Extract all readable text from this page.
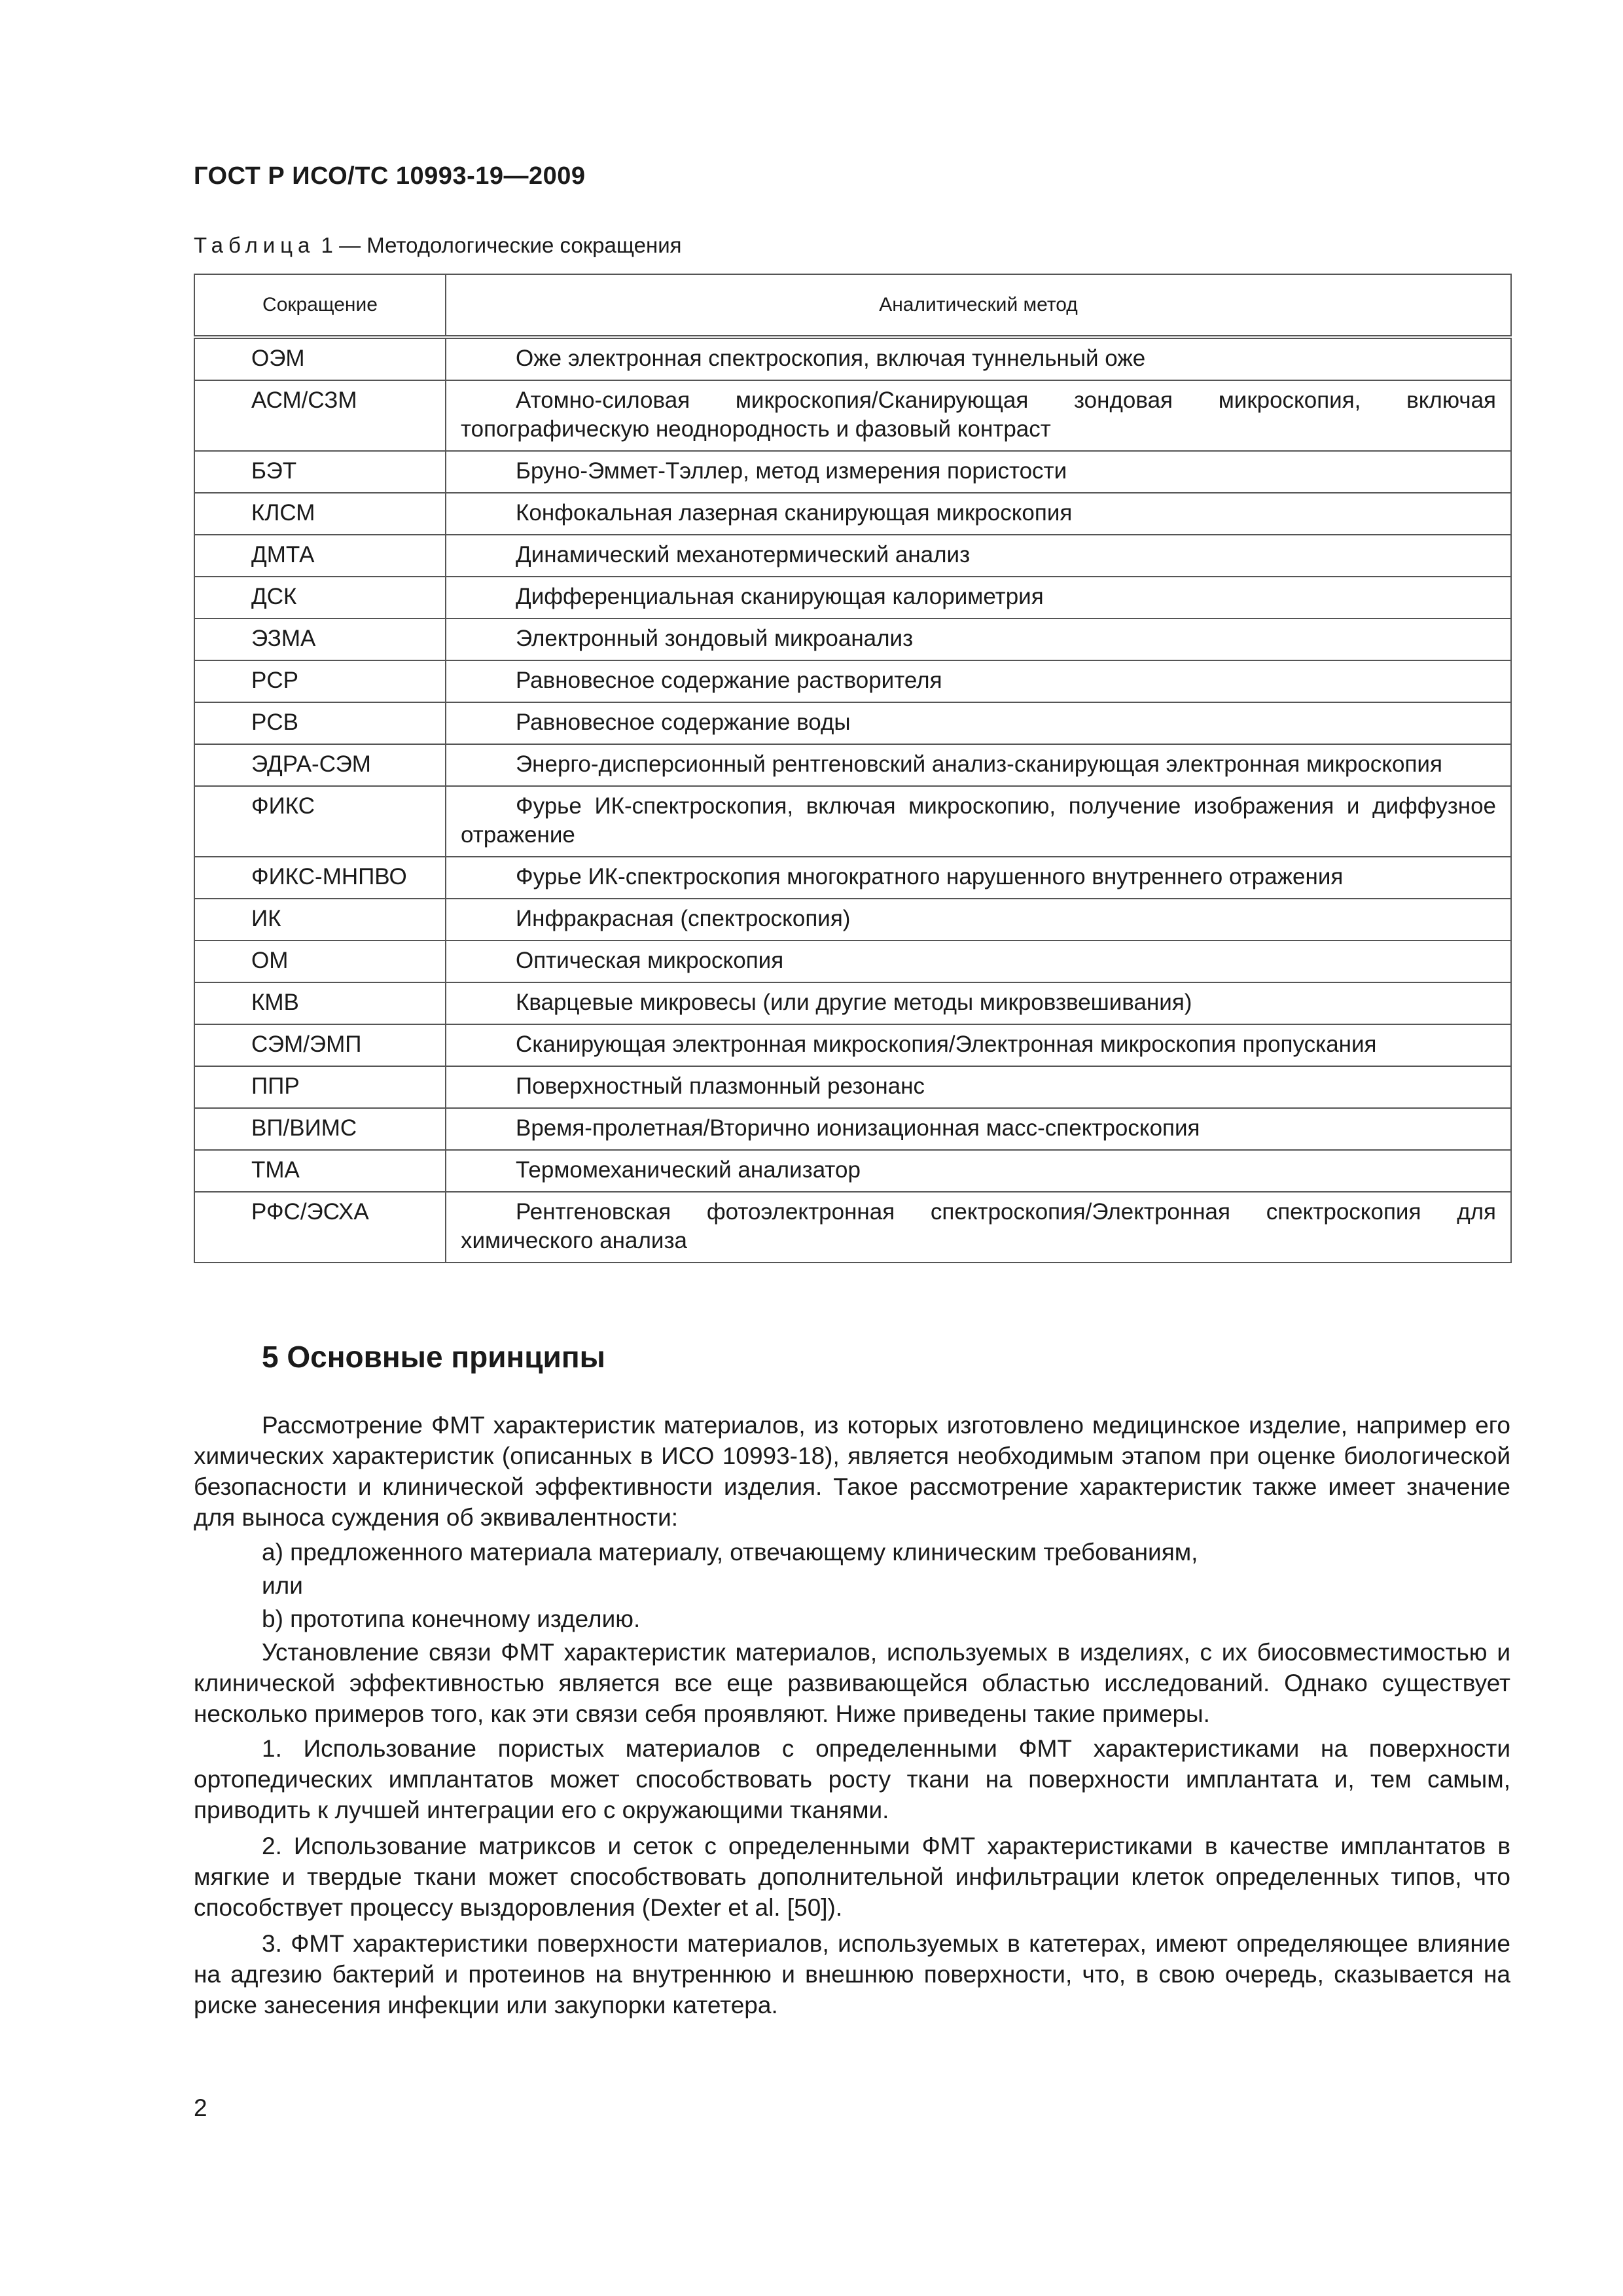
ГОСТ Р ИСО/ТС 10993-19—2009
Таблица 1 — Методологические сокращения
Сокращение	Аналитический метод
ОЭМ	Оже электронная спектроскопия, включая туннельный оже
АСМ/СЗМ	Атомно-силовая микроскопия/Сканирующая зондовая микроскопия, включая топографическую неоднородность и фазовый контраст
БЭТ	Бруно-Эммет-Тэллер, метод измерения пористости
КЛСМ	Конфокальная лазерная сканирующая микроскопия
ДМТА	Динамический механотермический анализ
ДСК	Дифференциальная сканирующая калориметрия
ЭЗМА	Электронный зондовый микроанализ
PCP	Равновесное содержание растворителя
PCB	Равновесное содержание воды
ЭДРА-СЭМ	Энерго-дисперсионный рентгеновский анализ-сканирующая электронная микроскопия
ФИКС	Фурье ИК-спектроскопия, включая микроскопию, получение изображения и диффузное отражение
ФИКС-МНПВО	Фурье ИК-спектроскопия многократного нарушенного внутреннего отражения
ИК	Инфракрасная (спектроскопия)
ОМ	Оптическая микроскопия
КМВ	Кварцевые микровесы (или другие методы микровзвешивания)
СЭМ/ЭМП	Сканирующая электронная микроскопия/Электронная микроскопия пропускания
ППР	Поверхностный плазмонный резонанс
ВП/ВИМС	Время-пролетная/Вторично ионизационная масс-спектроскопия
ТМА	Термомеханический анализатор
РФС/ЭСХА	Рентгеновская фотоэлектронная спектроскопия/Электронная спектроскопия для химического анализа
5 Основные принципы

Рассмотрение ФМТ характеристик материалов, из которых изготовлено медицинское изделие, например его химических характеристик (описанных в ИСО 10993-18), является необходимым этапом при оценке биологической безопасности и клинической эффективности изделия. Такое рассмотрение характеристик также имеет значение для выноса суждения об эквивалентности:

a) предложенного материала материалу, отвечающему клиническим требованиям,

или

b) прототипа конечному изделию.

Установление связи ФМТ характеристик материалов, используемых в изделиях, с их биосовместимостью и клинической эффективностью является все еще развивающейся областью исследований. Однако существует несколько примеров того, как эти связи себя проявляют. Ниже приведены такие примеры.

1. Использование пористых материалов с определенными ФМТ характеристиками на поверхности ортопедических имплантатов может способствовать росту ткани на поверхности имплантата и, тем самым, приводить к лучшей интеграции его с окружающими тканями.

2. Использование матриксов и сеток с определенными ФМТ характеристиками в качестве имплантатов в мягкие и твердые ткани может способствовать дополнительной инфильтрации клеток определенных типов, что способствует процессу выздоровления (Dexter et al. [50]).

3. ФМТ характеристики поверхности материалов, используемых в катетерах, имеют определяющее влияние на адгезию бактерий и протеинов на внутреннюю и внешнюю поверхности, что, в свою очередь, сказывается на риске занесения инфекции или закупорки катетера.

2
